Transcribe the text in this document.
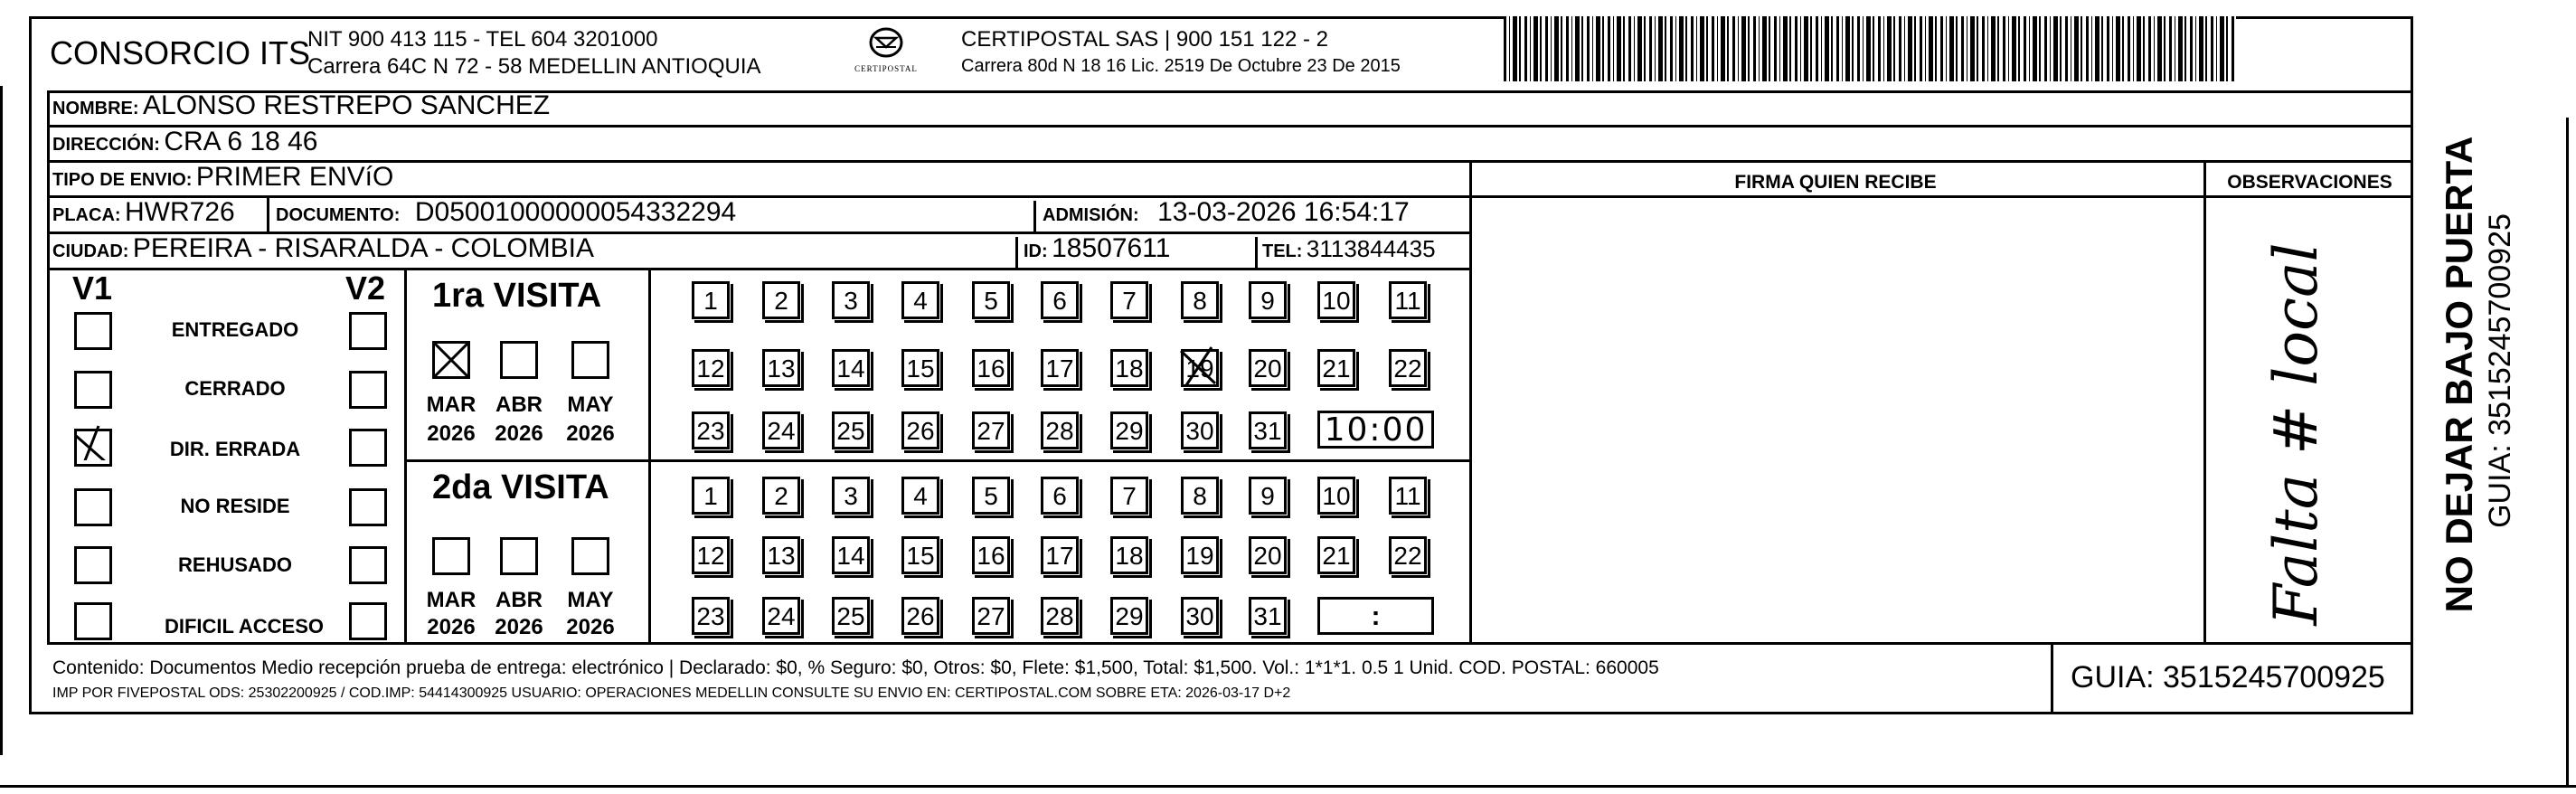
CONSORCIO ITS
NIT 900 413 115 - TEL 604 3201000
Carrera 64C N 72 - 58 MEDELLIN ANTIOQUIA	CERTIPOSTAL
CERTIPOSTAL SAS | 900 151 122 - 2
Carrera 80d N 18 16 Lic. 2519 De Octubre 23 De 2015
NOMBRE: ALONSO RESTREPO SANCHEZ
DIRECCIÓN: CRA 6 18 46
TIPO DE ENVIO: PRIMER ENVíO	FIRMA QUIEN RECIBE	OBSERVACIONES
PLACA: HWR726 DOCUMENTO: D05001000000054332294	ADMISIÓN: 13-03-2026 16:54:17
CIUDAD: PEREIRA - RISARALDA - COLOMBIA	ID: 18507611	TEL: 3113844435	Falta # local	NO DEJAR BAJO PUERTA GUIA: 3515245700925
V1	V2
ENTREGADO
CERRADO
DIR. ERRADA
NO RESIDE
REHUSADO
DIFICIL ACCESO
1ra VISITA
MAR ABR	MAY
2026 2026	2026
1	2	3	4	5	6	7	8	9	10 11
12 13 14 15 16 17 18 19 20 21 22
23 24 25 26 27 28 29 30 31 10:00
2da VISITA
MAR ABR	MAY
2026 2026	2026
1	2	3	4	5	6	7	8	9	10 11
12 13 14 15 16 17 18 19 20 21 22
23 24 25 26 27 28 29 30 31	:
Contenido: Documentos Medio recepción prueba de entrega: electrónico | Declarado: $0, % Seguro: $0, Otros: $0, Flete: $1,500, Total: $1,500. Vol.: 1*1*1. 0.5 1 Unid. COD. POSTAL: 660005
IMP POR FIVEPOSTAL ODS: 25302200925 / COD.IMP: 54414300925 USUARIO: OPERACIONES MEDELLIN CONSULTE SU ENVIO EN: CERTIPOSTAL.COM SOBRE ETA: 2026-03-17 D+2	GUIA: 3515245700925
